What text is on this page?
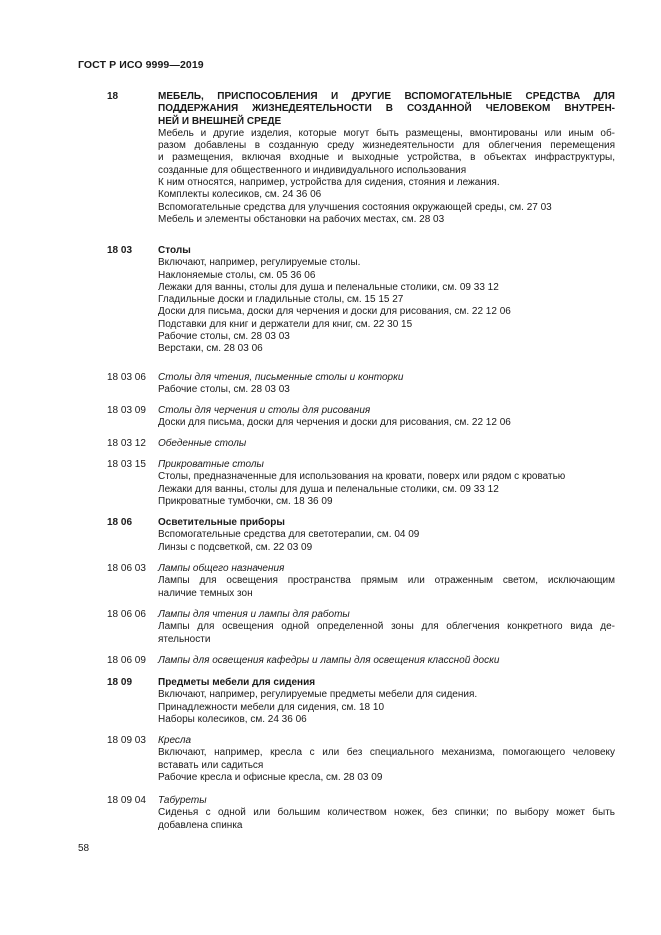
ГОСТ Р ИСО 9999—2019
18	МЕБЕЛЬ, ПРИСПОСОБЛЕНИЯ И ДРУГИЕ ВСПОМОГАТЕЛЬНЫЕ СРЕДСТВА ДЛЯ
ПОДДЕРЖАНИЯ ЖИЗНЕДЕЯТЕЛЬНОСТИ В СОЗДАННОЙ ЧЕЛОВЕКОМ ВНУТРЕН-
НЕЙ И ВНЕШНЕЙ СРЕДЕ
Мебель и другие изделия, которые могут быть размещены, вмонтированы или иным об-
разом добавлены в созданную среду жизнедеятельности для облегчения перемещения
и размещения, включая входные и выходные устройства, в объектах инфраструктуры,
созданные для общественного и индивидуального использования
К ним относятся, например, устройства для сидения, стояния и лежания.
Комплекты колесиков, см. 24 36 06
Вспомогательные средства для улучшения состояния окружающей среды, см. 27 03
Мебель и элементы обстановки на рабочих местах, см. 28 03
18 03	Столы
Включают, например, регулируемые столы.
Наклоняемые столы, см. 05 36 06
Лежаки для ванны, столы для душа и пеленальные столики, см. 09 33 12
Гладильные доски и гладильные столы, см. 15 15 27
Доски для письма, доски для черчения и доски для рисования, см. 22 12 06
Подставки для книг и держатели для книг, см. 22 30 15
Рабочие столы, см. 28 03 03
Верстаки, см. 28 03 06
18 03 06 Столы для чтения, письменные столы и конторки
Рабочие столы, см. 28 03 03
18 03 09 Столы для черчения и столы для рисования
Доски для письма, доски для черчения и доски для рисования, см. 22 12 06
18 03 12 Обеденные столы
18 03 15 Прикроватные столы
Столы, предназначенные для использования на кровати, поверх или рядом с кроватью
Лежаки для ванны, столы для душа и пеленальные столики, см. 09 33 12
Прикроватные тумбочки, см. 18 36 09
18 06	Осветительные приборы
Вспомогательные средства для светотерапии, см. 04 09
Линзы с подсветкой, см. 22 03 09
18 06 03 Лампы общего назначения
Лампы для освещения пространства прямым или отраженным светом, исключающим
наличие темных зон
18 06 06 Лампы для чтения и лампы для работы
Лампы для освещения одной определенной зоны для облегчения конкретного вида де-
ятельности
18 06 09 Лампы для освещения кафедры и лампы для освещения классной доски
18 09	Предметы мебели для сидения
Включают, например, регулируемые предметы мебели для сидения.
Принадлежности мебели для сидения, см. 18 10
Наборы колесиков, см. 24 36 06
18 09 03 Кресла
Включают, например, кресла с или без специального механизма, помогающего человеку
вставать или садиться
Рабочие кресла и офисные кресла, см. 28 03 09
18 09 04 Табуреты
Сиденья с одной или большим количеством ножек, без спинки; по выбору может быть
добавлена спинка
58
